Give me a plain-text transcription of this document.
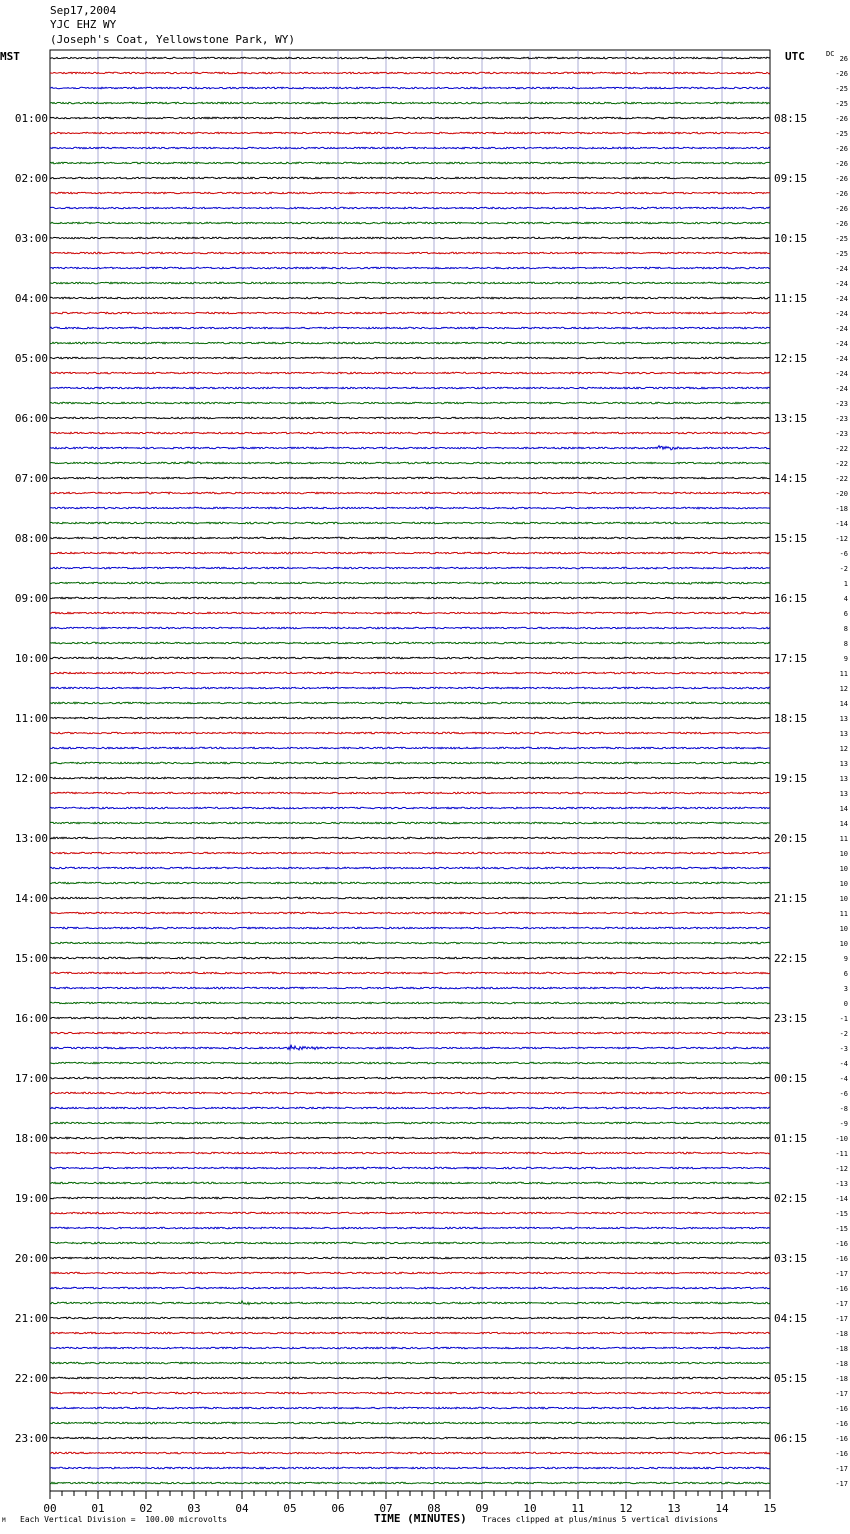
Sep17,2004
YJC EHZ WY
(Joseph's Coat, Yellowstone Park, WY)
MST	UTC	DC
26
-26
-25
-25
-26
-25
-26
-26
-26
-26
-26
-26
-25
-25
-24
-24
-24
-24
-24
-24
-24
-24
-24
-23
-23
-23
-22
-22
-22
-20
-18
-14
-12
-6
-2
1
4
6
8
8
9
11
12
14
13
13
12
13
13
13
14
14
11
10
10
10
10
11
10
10
9
6
3
0
-1
-2
-3
-4
-4
-6
-8
-9
-10
-11
-12
-13
-14
-15
-15
-16
-16
-17
-16
-17
-17
-18
-18
-18
-18
-17
-16
-16
-16
-16
-17
-17
01:00	08:15
02:00	09:15
03:00	10:15
04:00	11:15
05:00	12:15
06:00	13:15
07:00	14:15
08:00	15:15
09:00	16:15
10:00	17:15
11:00	18:15
12:00	19:15
13:00	20:15
14:00	21:15
15:00	22:15
16:00	23:15
17:00	00:15
18:00	01:15
19:00	02:15
20:00	03:15
21:00	04:15
22:00	05:15
23:00	06:15
00	01	02	03	04	05	06	07	08	09	10	11	12	13	14	15
M Each Vertical Division =  100.00 microvolts	TIME (MINUTES) Traces clipped at plus/minus 5 vertical divisions
